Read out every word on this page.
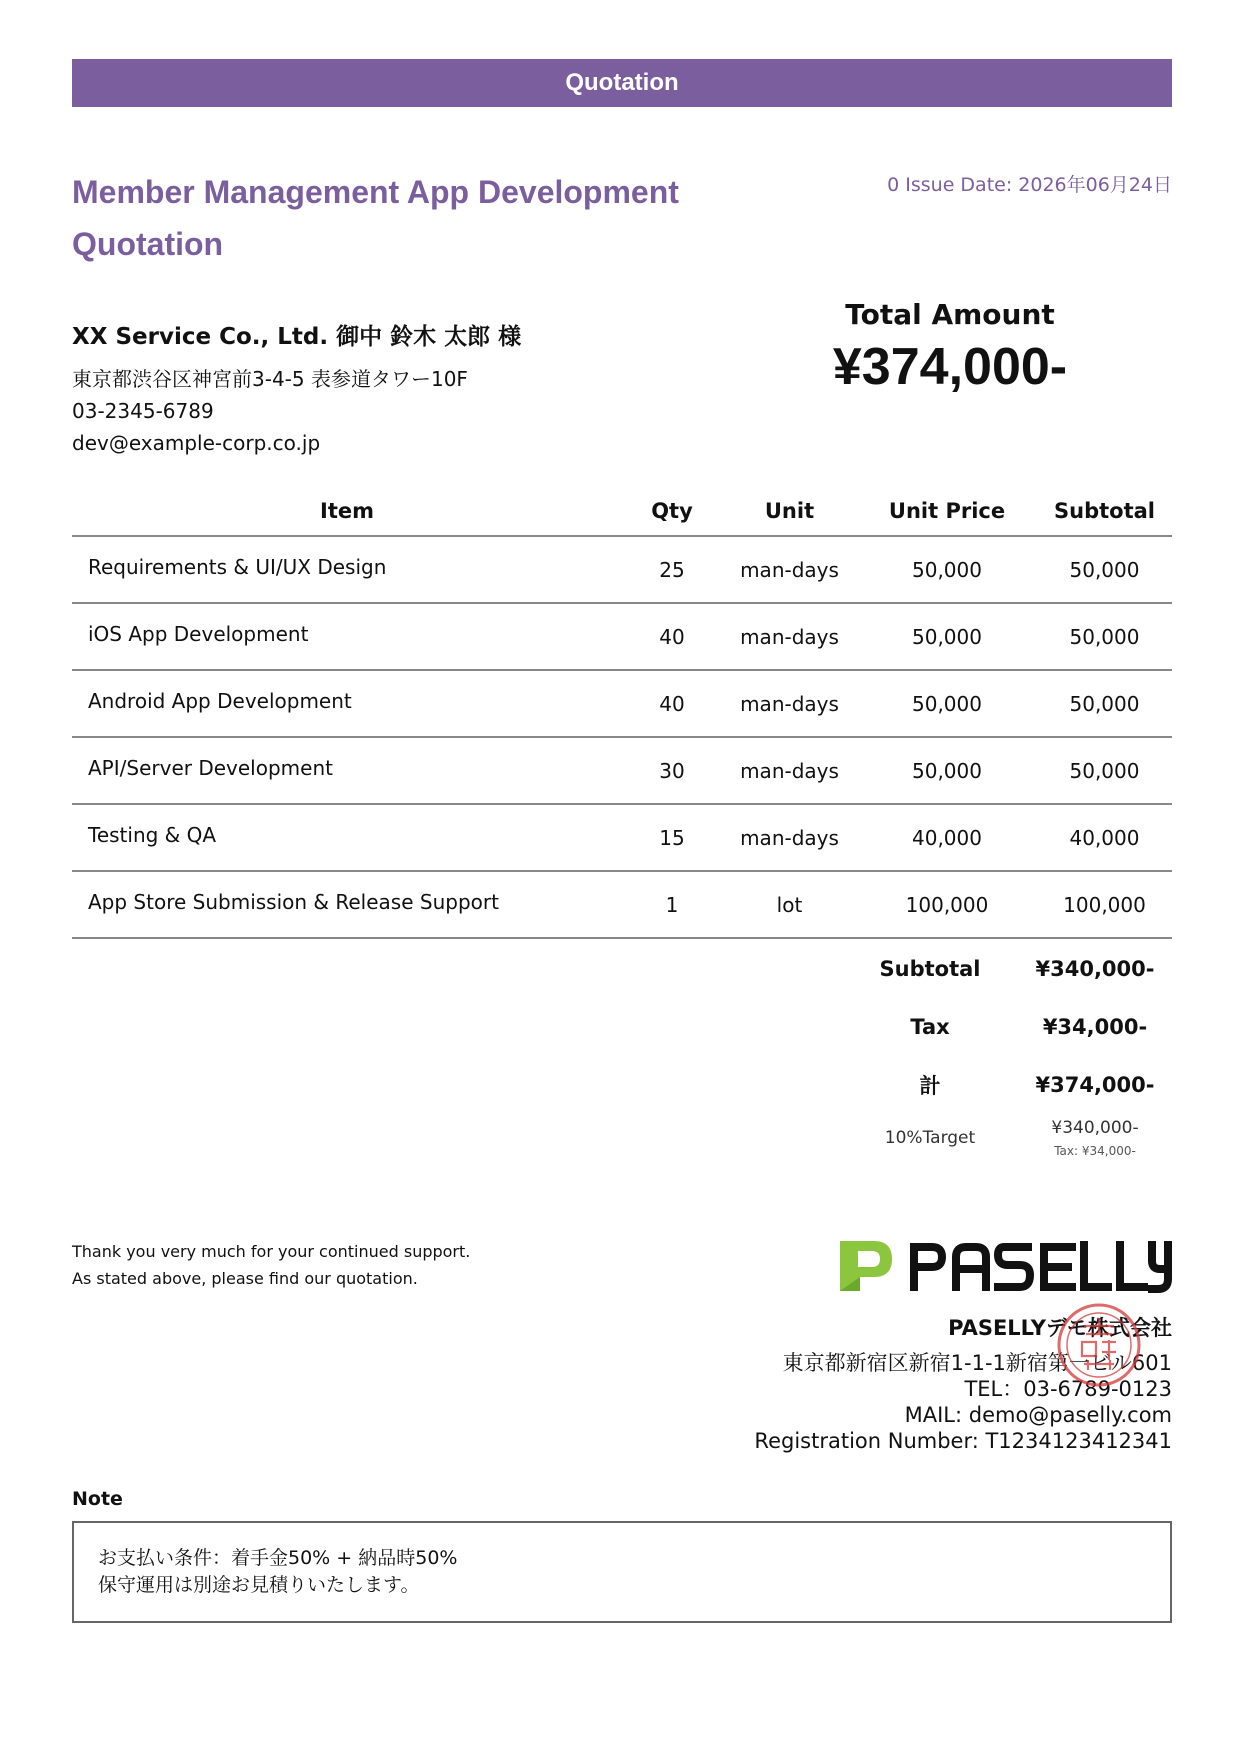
Quotation
Member Management App Development
Quotation
0 Issue Date: 2026年06月24日
XX Service Co., Ltd. 御中 鈴木 太郎 様
東京都渋谷区神宮前3-4-5 表参道タワー10F
03-2345-6789
dev@example-corp.co.jp
Total Amount
¥374,000-
Item	Qty	Unit	Unit Price	Subtotal
Requirements & UI/UX Design	25	man-days	50,000	50,000
iOS App Development	40	man-days	50,000	50,000
Android App Development	40	man-days	50,000	50,000
API/Server Development	30	man-days	50,000	50,000
Testing & QA	15	man-days	40,000	40,000
App Store Submission & Release Support	1	lot	100,000	100,000
Subtotal	¥340,000-
Tax	¥34,000-
計	¥374,000-
10%Target	¥340,000-
Tax: ¥34,000-
Thank you very much for your continued support.
As stated above, please find our quotation.
PASELLYデモ株式会社
東京都新宿区新宿1-1-1新宿第一ビル601
TEL：03-6789-0123
MAIL: demo@paselly.com
Registration Number: T1234123412341
Note
お支払い条件：着手金50% + 納品時50%
保守運用は別途お見積りいたします。
